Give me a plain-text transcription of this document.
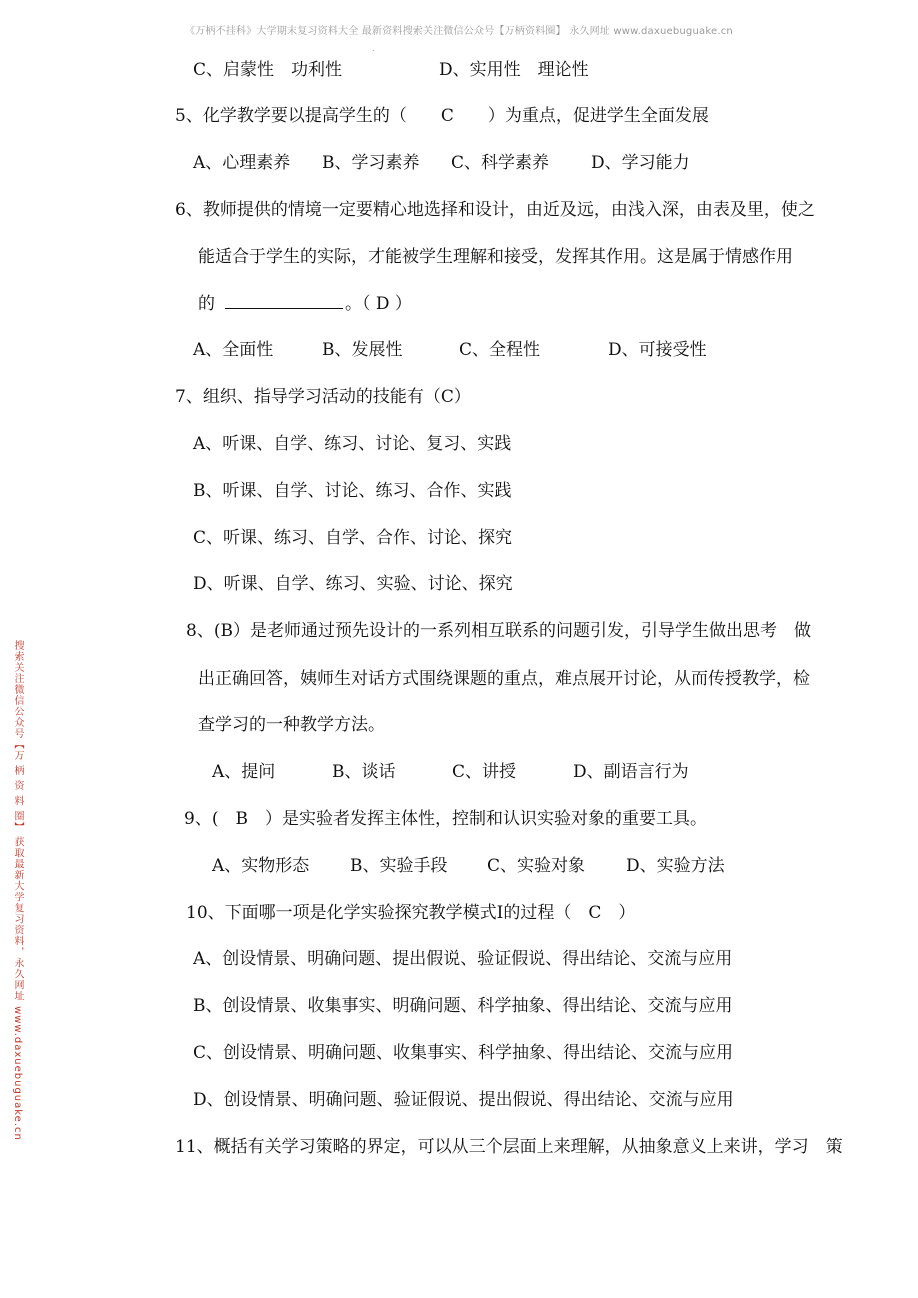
《万柄不挂科》大学期末复习资料大全 最新资料搜索关注微信公众号【万柄资料圈】 永久网址 www.daxuebuguake.cn
.
搜索关注微信公众号【万 柄 资 料 圈】 获取最新大学复习资料，永久网址 www.daxuebuguake.cn
C、启蒙性　功利性	D、实用性　理论性
5、化学教学要以提高学生的（　　C　　）为重点，促进学生全面发展
A、心理素养 B、学习素养 C、科学素养 D、学习能力
6、教师提供的情境一定要精心地选择和设计，由近及远，由浅入深，由表及里，使之
能适合于学生的实际，才能被学生理解和接受，发挥其作用。这是属于情感作用
的	。（ D ）
A、全面性	B、发展性	C、全程性	D、可接受性
7、组织、指导学习活动的技能有（C）
A、听课、自学、练习、讨论、复习、实践
B、听课、自学、讨论、练习、合作、实践
C、听课、练习、自学、合作、讨论、探究
D、听课、自学、练习、实验、讨论、探究
8、(B）是老师通过预先设计的一系列相互联系的问题引发，引导学生做出思考　做
出正确回答，姨师生对话方式围绕课题的重点，难点展开讨论，从而传授教学，检
查学习的一种教学方法。
A、提问	B、谈话	C、讲授	D、副语言行为
9、(　B　）是实验者发挥主体性，控制和认识实验对象的重要工具。
A、实物形态 B、实验手段 C、实验对象 D、实验方法
10、下面哪一项是化学实验探究教学模式Ⅰ的过程（　C　）
A、创设情景、明确问题、提出假说、验证假说、得出结论、交流与应用
B、创设情景、收集事实、明确问题、科学抽象、得出结论、交流与应用
C、创设情景、明确问题、收集事实、科学抽象、得出结论、交流与应用
D、创设情景、明确问题、验证假说、提出假说、得出结论、交流与应用
11、概括有关学习策略的界定，可以从三个层面上来理解，从抽象意义上来讲，学习　策
